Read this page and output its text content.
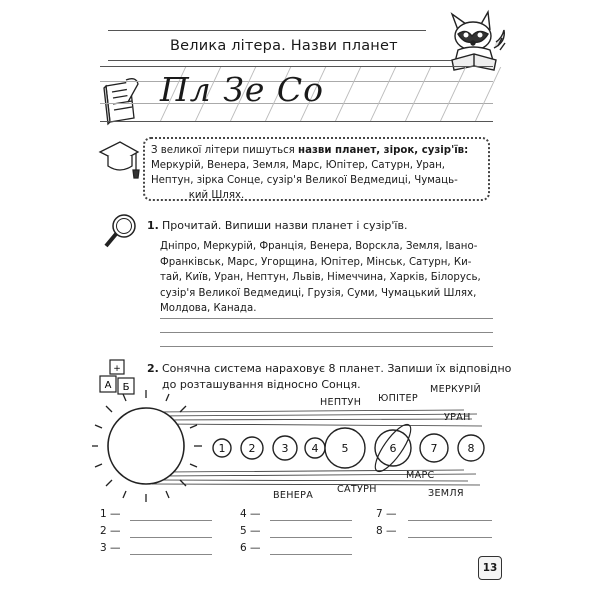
Велика літера. Назви планет
Пл Зе Со
З великої літери пишуться назви планет, зірок, сузір'їв:
Меркурій, Венера, Земля, Марс, Юпітер, Сатурн, Уран,
Нептун, зірка Сонце, сузір'я Великої Ведмедиці, Чумаць-
кий Шлях.
1. Прочитай. Випиши назви планет і сузір'їв.
Дніпро, Меркурій, Франція, Венера, Ворскла, Земля, Івано-
Франківськ, Марс, Угорщина, Юпітер, Мінськ, Сатурн, Ки-
тай, Київ, Уран, Нептун, Львів, Німеччина, Харків, Білорусь,
сузір'я Великої Ведмедиці, Грузія, Суми, Чумацький Шлях,
Молдова, Канада.
+
А Б
2. Сонячна система нараховує 8 планет. Запиши їх відповідно
до розташування відносно Сонця.
1 2 3 4 5	6	7	8
НЕПТУН ЮПІТЕР
МЕРКУРІЙ
УРАН
МАРС
САТУРН	ЗЕМЛЯ
ВЕНЕРА
1 —
2 —
3 —
4 —
5 —
6 —
7 —
8 —
13
